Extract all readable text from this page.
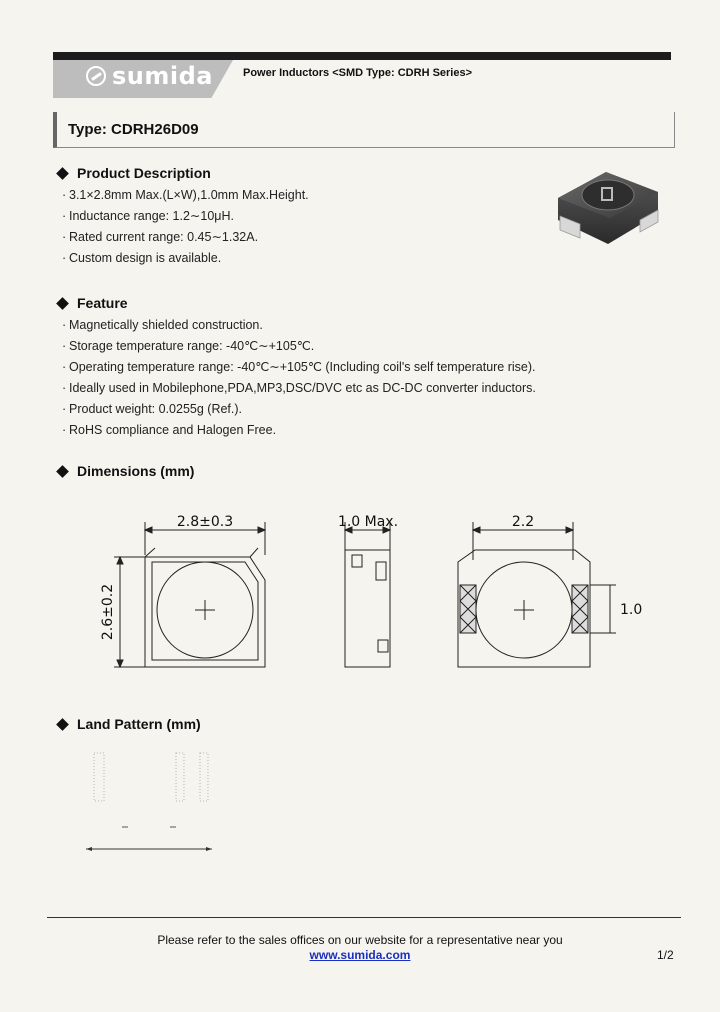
sumida	Power Inductors <SMD Type: CDRH Series>
Type: CDRH26D09
Product Description
· 3.1×2.8mm Max.(L×W),1.0mm Max.Height.
· Inductance range: 1.2∼10μH.
· Rated current range: 0.45∼1.32A.
· Custom design is available.
Feature
· Magnetically shielded construction.
· Storage temperature range: -40℃∼+105℃.
· Operating temperature range: -40℃∼+105℃ (Including coil's self temperature rise).
· Ideally used in Mobilephone,PDA,MP3,DSC/DVC etc as DC-DC converter inductors.
· Product weight: 0.0255g (Ref.).
· RoHS compliance and Halogen Free.
Dimensions (mm)
2.8±0.3
2.6±0.2
1.0 Max.	2.2
1.0
Land Pattern (mm)
Please refer to the sales offices on our website for a representative near you
www.sumida.com	1/2
